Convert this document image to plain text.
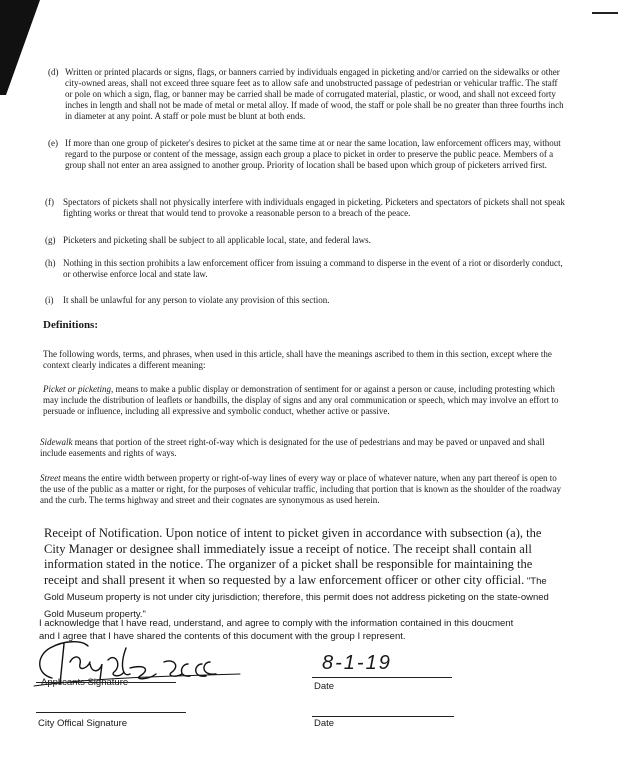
(d) Written or printed placards or signs, flags, or banners carried by individuals engaged in picketing and/or carried on the sidewalks or other city-owned areas, shall not exceed three square feet as to allow safe and unobstructed passage of pedestrian or vehicular traffic. The staff or pole on which a sign, flag, or banner may be carried shall be made of corrugated material, plastic, or wood, and shall not exceed forty inches in length and shall not be made of metal or metal alloy. If made of wood, the staff or pole shall be no greater than three fourths inch in diameter at any point. A staff or pole must be blunt at both ends.
(e) If more than one group of picketer's desires to picket at the same time at or near the same location, law enforcement officers may, without regard to the purpose or content of the message, assign each group a place to picket in order to preserve the public peace. Members of a group shall not enter an area assigned to another group. Priority of location shall be based upon which group of picketers arrived first.
(f) Spectators of pickets shall not physically interfere with individuals engaged in picketing. Picketers and spectators of pickets shall not speak fighting works or threat that would tend to provoke a reasonable person to a breach of the peace.
(g) Picketers and picketing shall be subject to all applicable local, state, and federal laws.
(h) Nothing in this section prohibits a law enforcement officer from issuing a command to disperse in the event of a riot or disorderly conduct, or otherwise enforce local and state law.
(i) It shall be unlawful for any person to violate any provision of this section.
Definitions:
The following words, terms, and phrases, when used in this article, shall have the meanings ascribed to them in this section, except where the context clearly indicates a different meaning:
Picket or picketing, means to make a public display or demonstration of sentiment for or against a person or cause, including protesting which may include the distribution of leaflets or handbills, the display of signs and any oral communication or speech, which may involve an effort to persuade or influence, including all expressive and symbolic conduct, whether active or passive.
Sidewalk means that portion of the street right-of-way which is designated for the use of pedestrians and may be paved or unpaved and shall include easements and rights of ways.
Street means the entire width between property or right-of-way lines of every way or place of whatever nature, when any part thereof is open to the use of the public as a matter or right, for the purposes of vehicular traffic, including that portion that is known as the shoulder of the roadway and the curb. The terms highway and street and their cognates are synonymous as used herein.
Receipt of Notification. Upon notice of intent to picket given in accordance with subsection (a), the City Manager or designee shall immediately issue a receipt of notice. The receipt shall contain all information stated in the notice. The organizer of a picket shall be responsible for maintaining the receipt and shall present it when so requested by a law enforcement officer or other city official. "The Gold Museum property is not under city jurisdiction; therefore, this permit does not address picketing on the state-owned Gold Museum property."
I acknowledge that I have read, understand, and agree to comply with the information contained in this doucment
and I agree that I have shared the contents of this document with the group I represent.
Applicants Signature
8-1-19
Date
City Offical Signature	Date
